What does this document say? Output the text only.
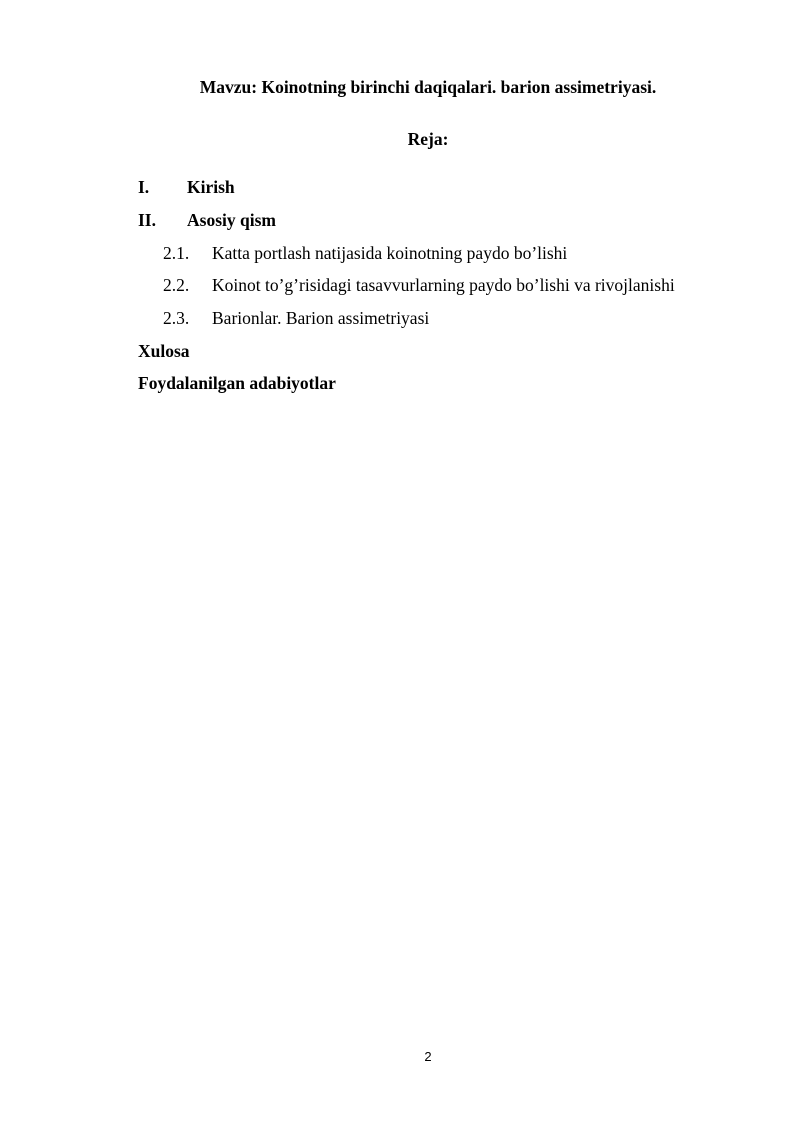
Mavzu: Koinotning birinchi daqiqalari. barion assimetriyasi.
Reja:
I. Kirish
II. Asosiy qism
2.1. Katta portlash natijasida koinotning paydo bo’lishi
2.2. Koinot to’g’risidagi tasavvurlarning paydo bo’lishi va rivojlanishi
2.3. Barionlar. Barion assimetriyasi
Xulosa
Foydalanilgan adabiyotlar
2
